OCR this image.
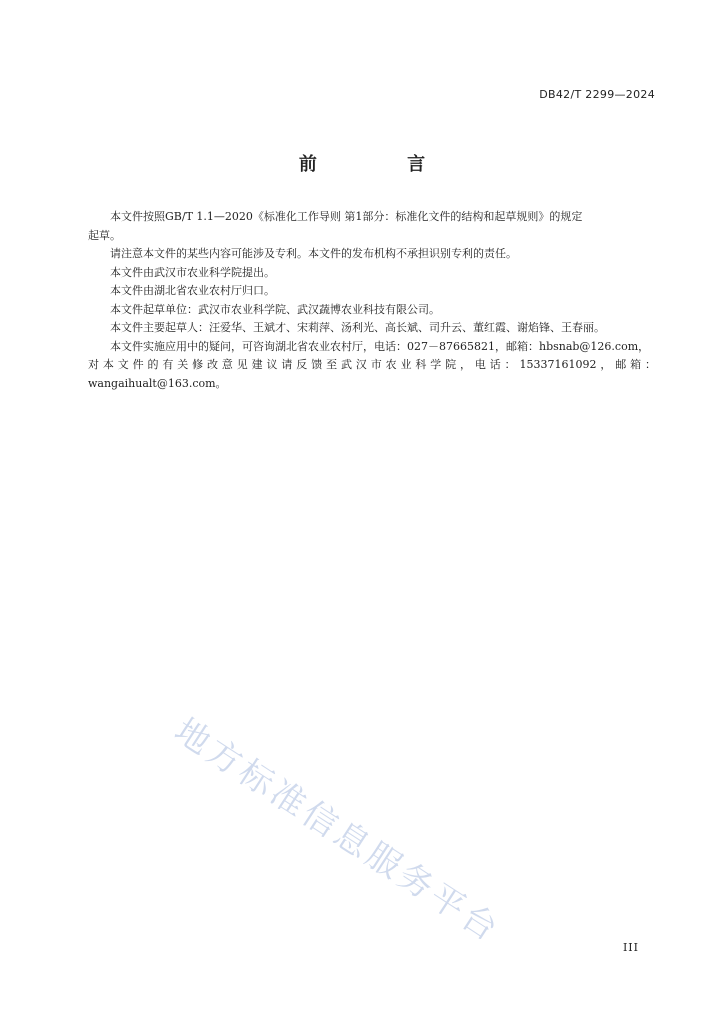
DB42/T 2299—2024
前 言

本文件按照GB/T 1.1—2020《标准化工作导则 第1部分：标准化文件的结构和起草规则》的规定

起草。

请注意本文件的某些内容可能涉及专利。本文件的发布机构不承担识别专利的责任。

本文件由武汉市农业科学院提出。

本文件由湖北省农业农村厅归口。

本文件起草单位：武汉市农业科学院、武汉蔬博农业科技有限公司。

本文件主要起草人：汪爱华、王斌才、宋莉萍、汤利光、高长斌、司升云、董红霞、谢焰锋、王春丽。

本文件实施应用中的疑问，可咨询湖北省农业农村厅，电话：027－87665821，邮箱：hbsnab@126.com，

对本文件的有关修改意见建议请反馈至武汉市农业科学院，电话：15337161092，邮箱：wangaihualt@163.com。

地方标准信息服务平台	III
